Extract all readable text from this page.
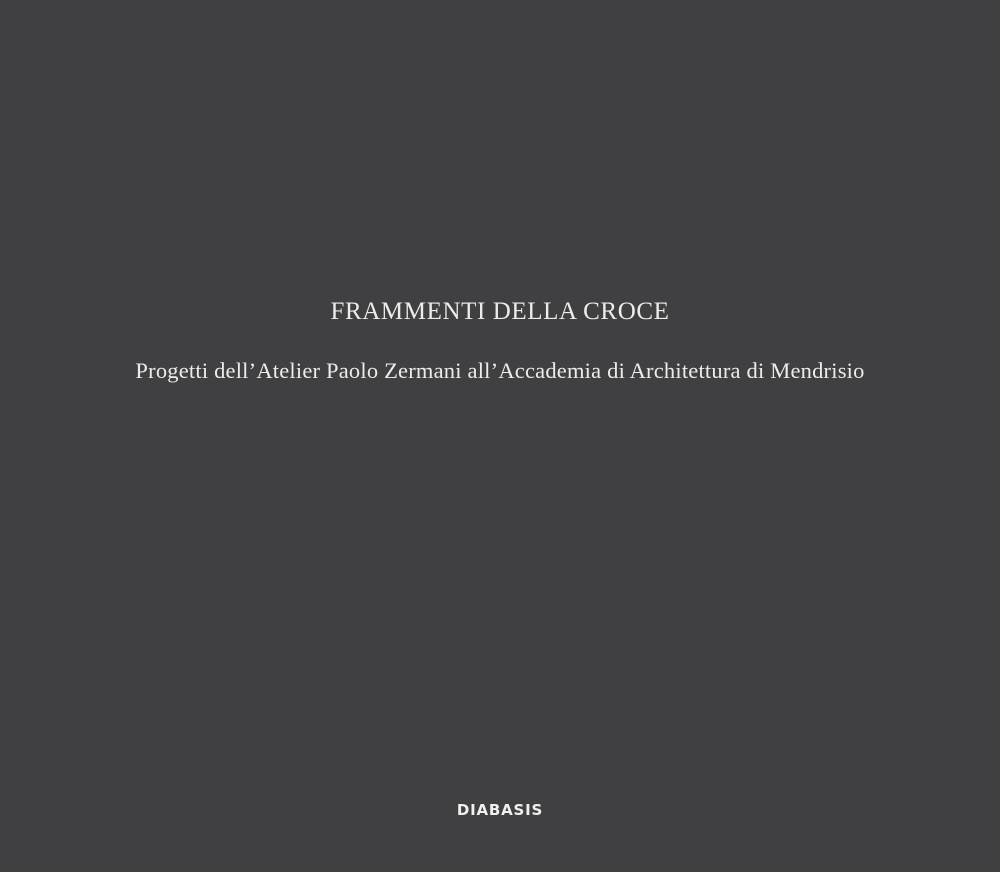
FRAMMENTI DELLA CROCE
Progetti dell’Atelier Paolo Zermani all’Accademia di Architettura di Mendrisio
DIABASIS
